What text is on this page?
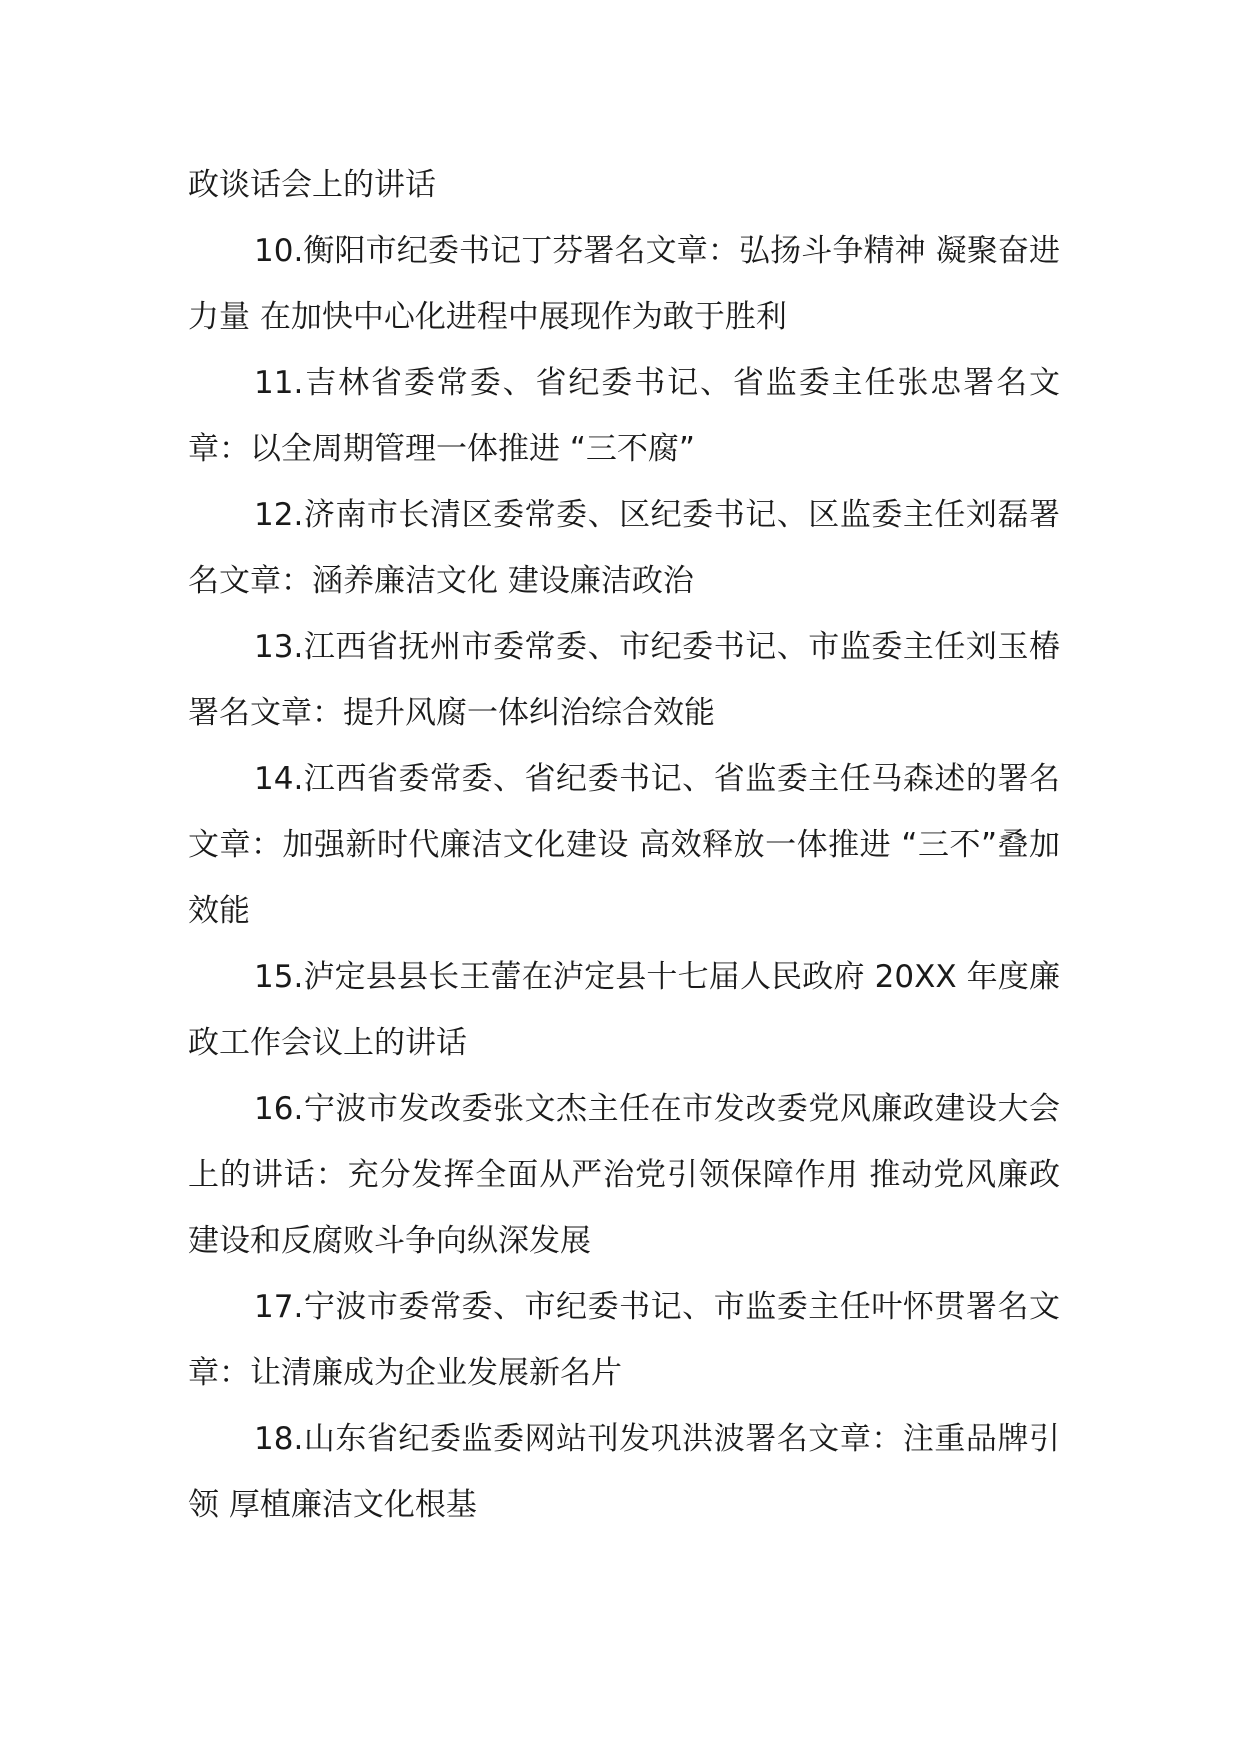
政谈话会上的讲话

10.衡阳市纪委书记丁芬署名文章：弘扬斗争精神 凝聚奋进力量 在加快中心化进程中展现作为敢于胜利

11.吉林省委常委、省纪委书记、省监委主任张忠署名文章：以全周期管理一体推进 “三不腐”

12.济南市长清区委常委、区纪委书记、区监委主任刘磊署名文章：涵养廉洁文化 建设廉洁政治

13.江西省抚州市委常委、市纪委书记、市监委主任刘玉椿署名文章：提升风腐一体纠治综合效能

14.江西省委常委、省纪委书记、省监委主任马森述的署名文章：加强新时代廉洁文化建设 高效释放一体推进 “三不”叠加效能

15.泸定县县长王蕾在泸定县十七届人民政府 20XX 年度廉政工作会议上的讲话

16.宁波市发改委张文杰主任在市发改委党风廉政建设大会上的讲话：充分发挥全面从严治党引领保障作用 推动党风廉政建设和反腐败斗争向纵深发展

17.宁波市委常委、市纪委书记、市监委主任叶怀贯署名文章：让清廉成为企业发展新名片

18.山东省纪委监委网站刊发巩洪波署名文章：注重品牌引领 厚植廉洁文化根基
